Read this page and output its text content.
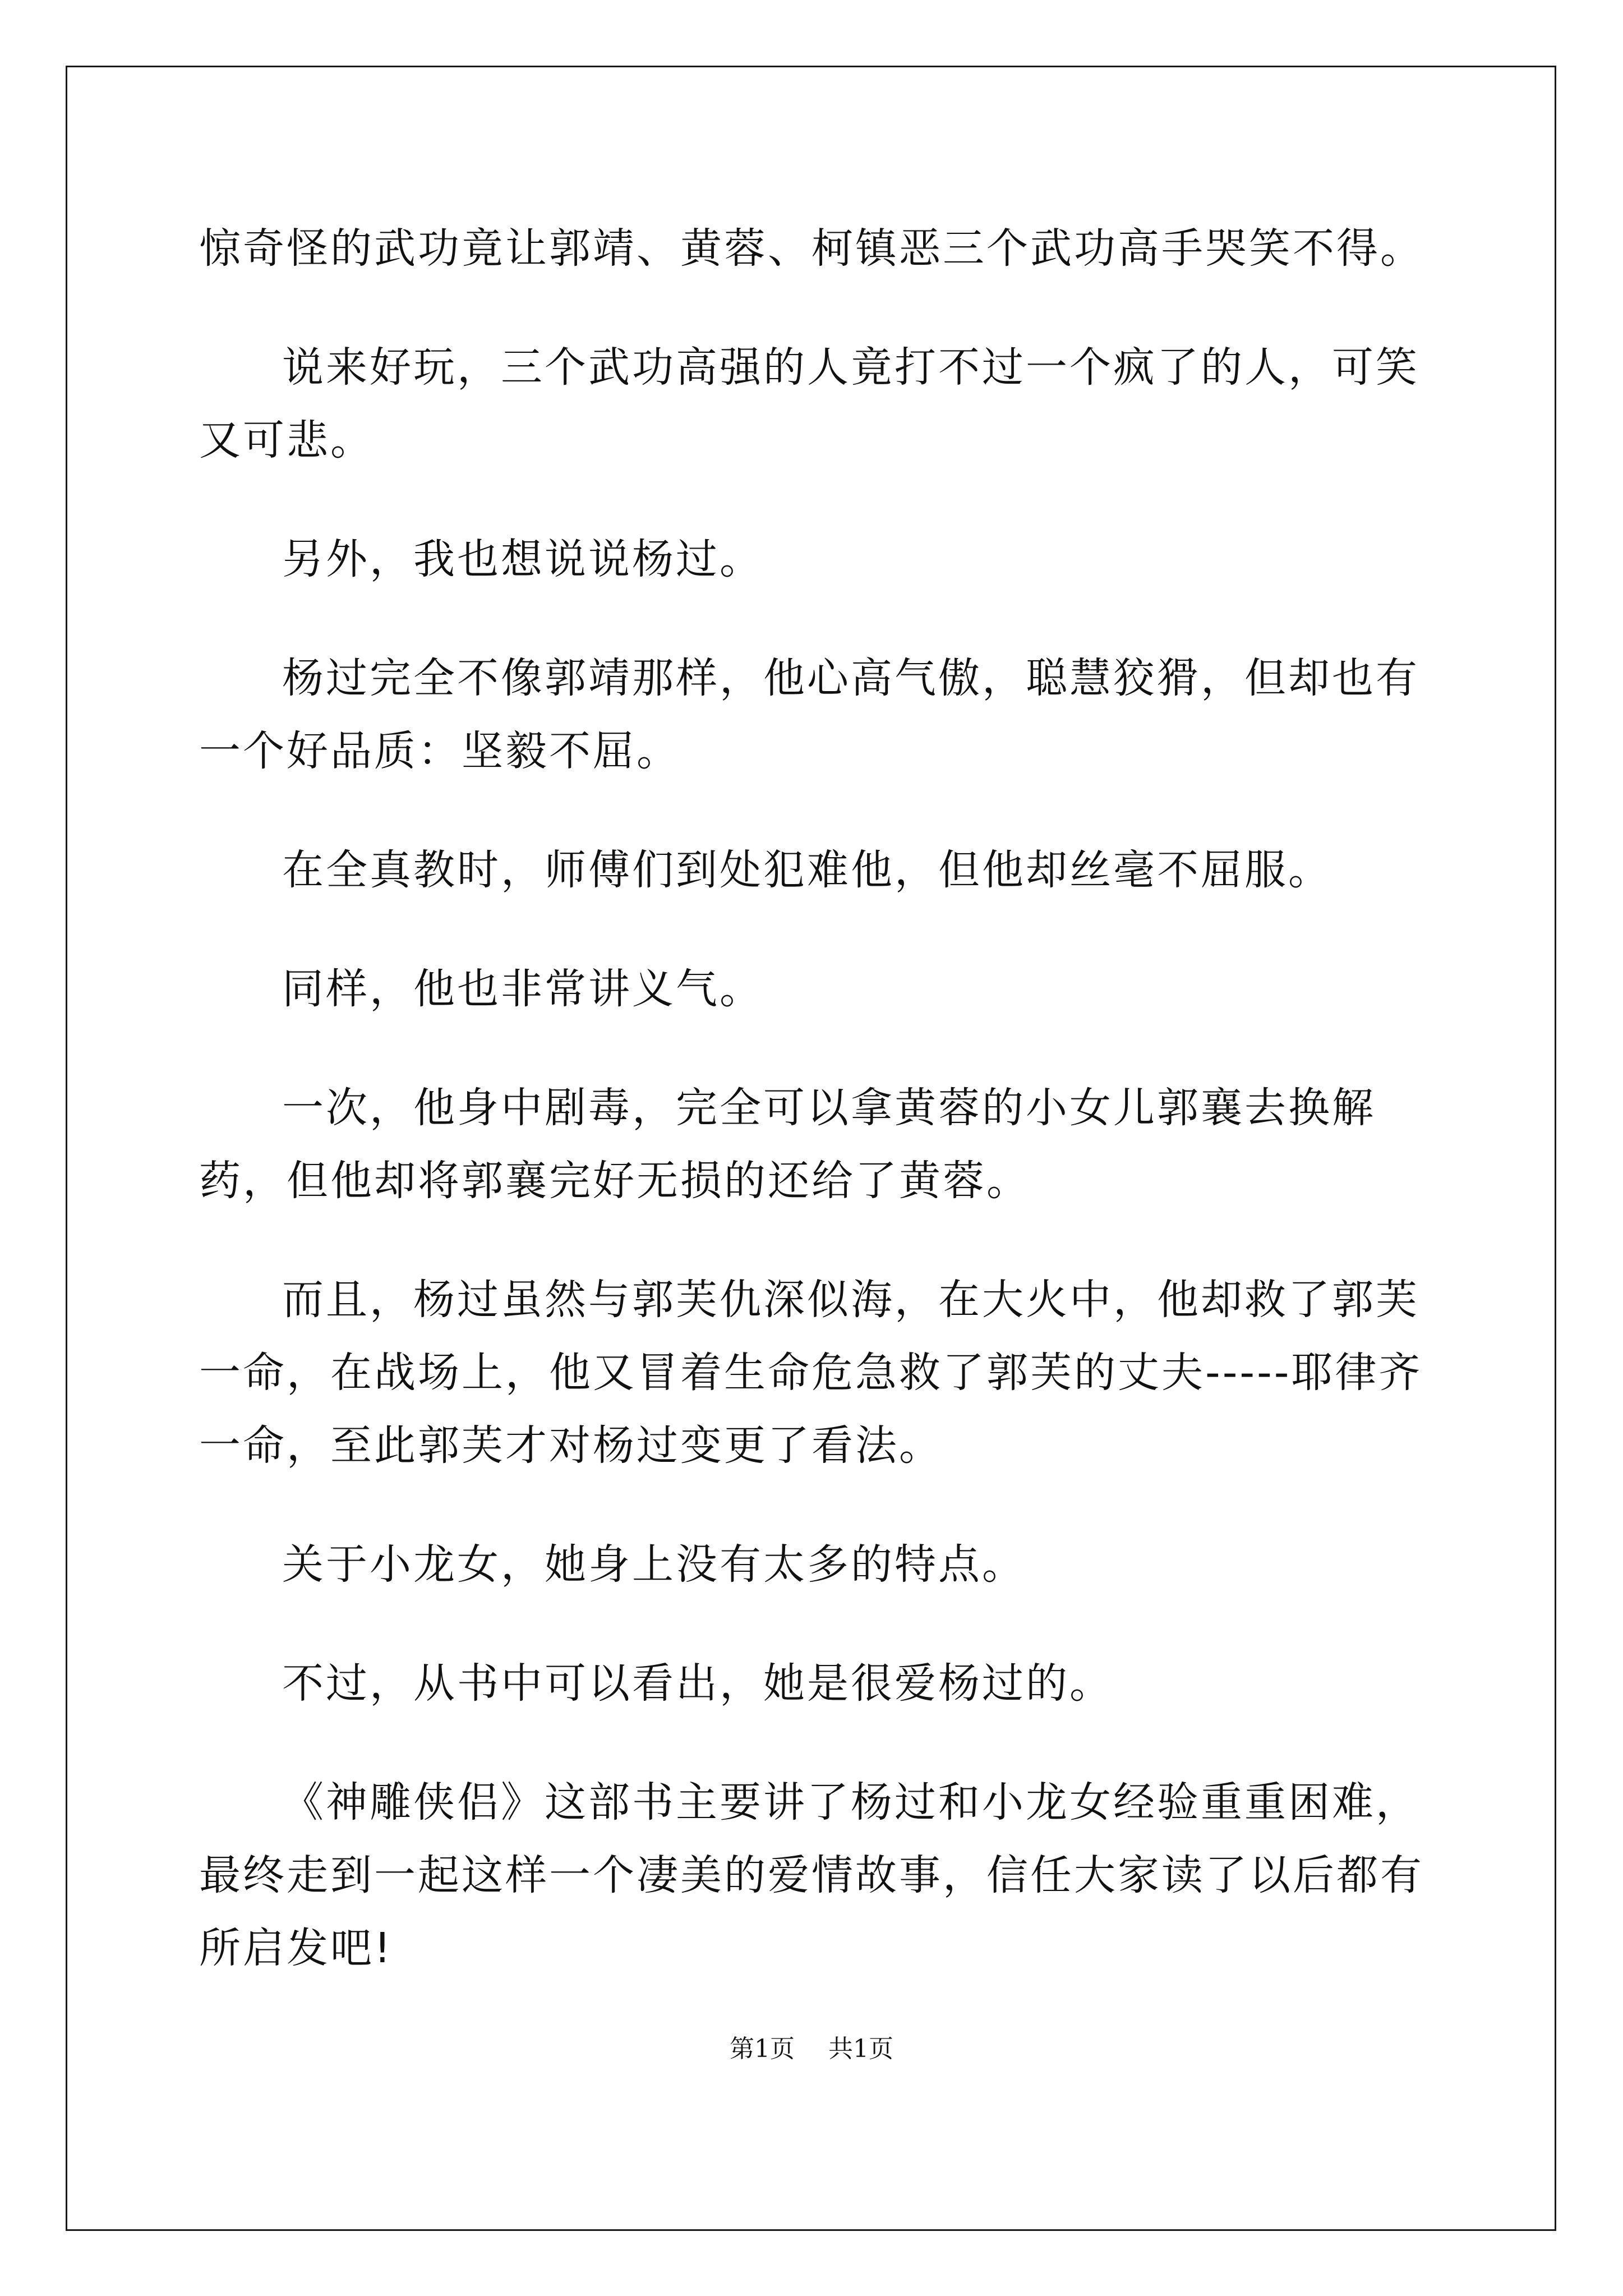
惊奇怪的武功竟让郭靖、黄蓉、柯镇恶三个武功高手哭笑不得。

说来好玩，三个武功高强的人竟打不过一个疯了的人，可笑又可悲。

另外，我也想说说杨过。

杨过完全不像郭靖那样，他心高气傲，聪慧狡猾，但却也有一个好品质：坚毅不屈。

在全真教时，师傅们到处犯难他，但他却丝毫不屈服。

同样，他也非常讲义气。

一次，他身中剧毒，完全可以拿黄蓉的小女儿郭襄去换解药，但他却将郭襄完好无损的还给了黄蓉。

而且，杨过虽然与郭芙仇深似海，在大火中，他却救了郭芙一命，在战场上，他又冒着生命危急救了郭芙的丈夫-----耶律齐一命，至此郭芙才对杨过变更了看法。

关于小龙女，她身上没有太多的特点。

不过，从书中可以看出，她是很爱杨过的。

《神雕侠侣》这部书主要讲了杨过和小龙女经验重重困难，最终走到一起这样一个凄美的爱情故事，信任大家读了以后都有所启发吧!

第1页 共1页
